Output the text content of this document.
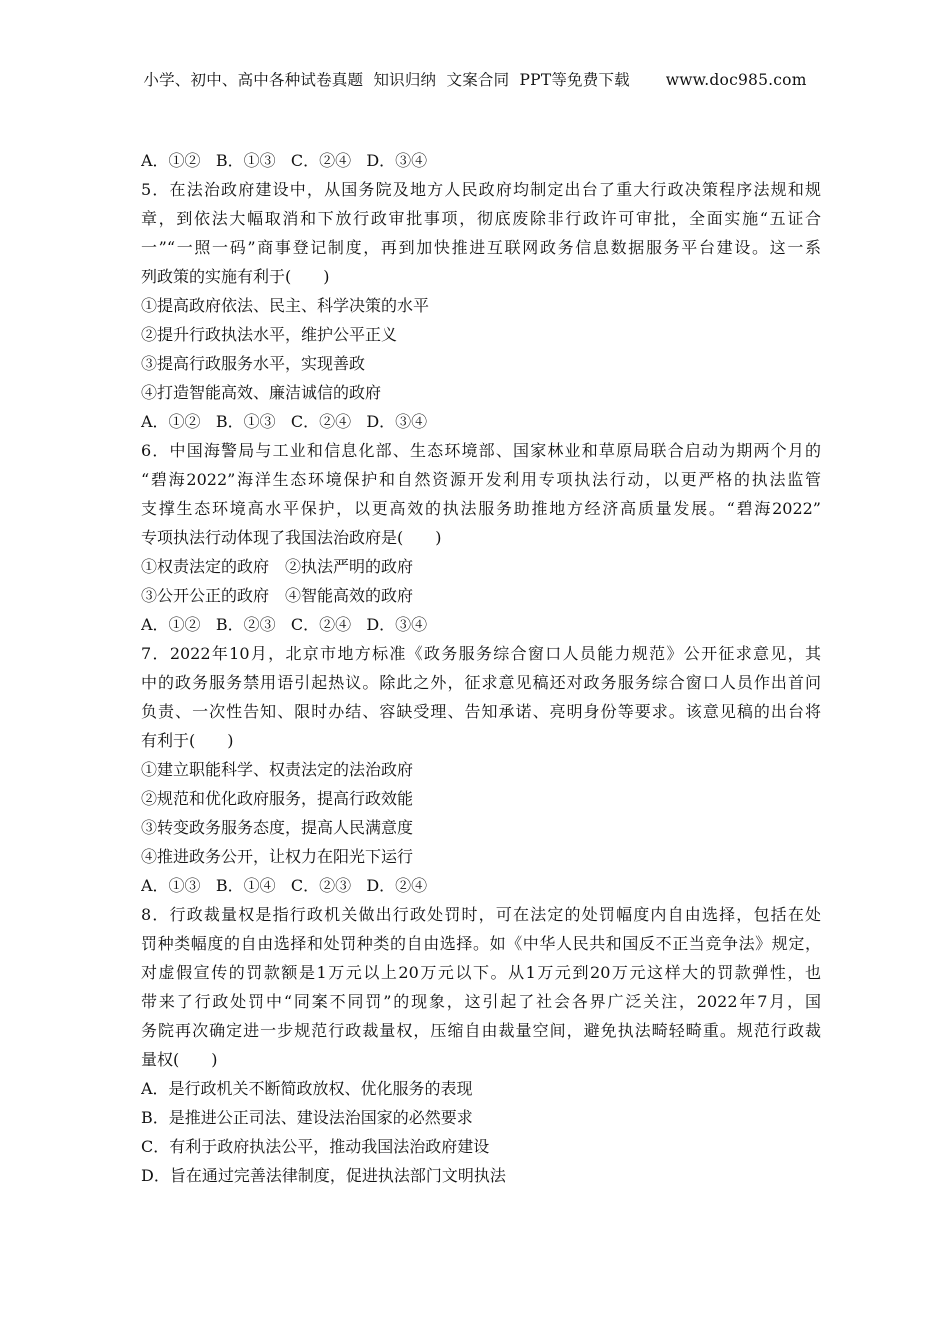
小学、初中、高中各种试卷真题  知识归纳  文案合同  PPT等免费下载       www.doc985.com
A．①②   B．①③   C．②④   D．③④
5．在法治政府建设中，从国务院及地方人民政府均制定出台了重大行政决策程序法规和规
章，到依法大幅取消和下放行政审批事项，彻底废除非行政许可审批，全面实施“五证合
一”“一照一码”商事登记制度，再到加快推进互联网政务信息数据服务平台建设。这一系
列政策的实施有利于(　　)
①提高政府依法、民主、科学决策的水平
②提升行政执法水平，维护公平正义
③提高行政服务水平，实现善政
④打造智能高效、廉洁诚信的政府
A．①②   B．①③   C．②④   D．③④
6．中国海警局与工业和信息化部、生态环境部、国家林业和草原局联合启动为期两个月的
“碧海2022”海洋生态环境保护和自然资源开发利用专项执法行动，以更严格的执法监管
支撑生态环境高水平保护，以更高效的执法服务助推地方经济高质量发展。“碧海2022”
专项执法行动体现了我国法治政府是(　　)
①权责法定的政府　②执法严明的政府
③公开公正的政府　④智能高效的政府
A．①②   B．②③   C．②④   D．③④
7．2022年10月，北京市地方标准《政务服务综合窗口人员能力规范》公开征求意见，其
中的政务服务禁用语引起热议。除此之外，征求意见稿还对政务服务综合窗口人员作出首问
负责、一次性告知、限时办结、容缺受理、告知承诺、亮明身份等要求。该意见稿的出台将
有利于(　　)
①建立职能科学、权责法定的法治政府
②规范和优化政府服务，提高行政效能
③转变政务服务态度，提高人民满意度
④推进政务公开，让权力在阳光下运行
A．①③   B．①④   C．②③   D．②④
8．行政裁量权是指行政机关做出行政处罚时，可在法定的处罚幅度内自由选择，包括在处
罚种类幅度的自由选择和处罚种类的自由选择。如《中华人民共和国反不正当竞争法》规定，
对虚假宣传的罚款额是1万元以上20万元以下。从1万元到20万元这样大的罚款弹性，也
带来了行政处罚中“同案不同罚”的现象，这引起了社会各界广泛关注，2022年7月，国
务院再次确定进一步规范行政裁量权，压缩自由裁量空间，避免执法畸轻畸重。规范行政裁
量权(　　)
A．是行政机关不断简政放权、优化服务的表现
B．是推进公正司法、建设法治国家的必然要求
C．有利于政府执法公平，推动我国法治政府建设
D．旨在通过完善法律制度，促进执法部门文明执法
